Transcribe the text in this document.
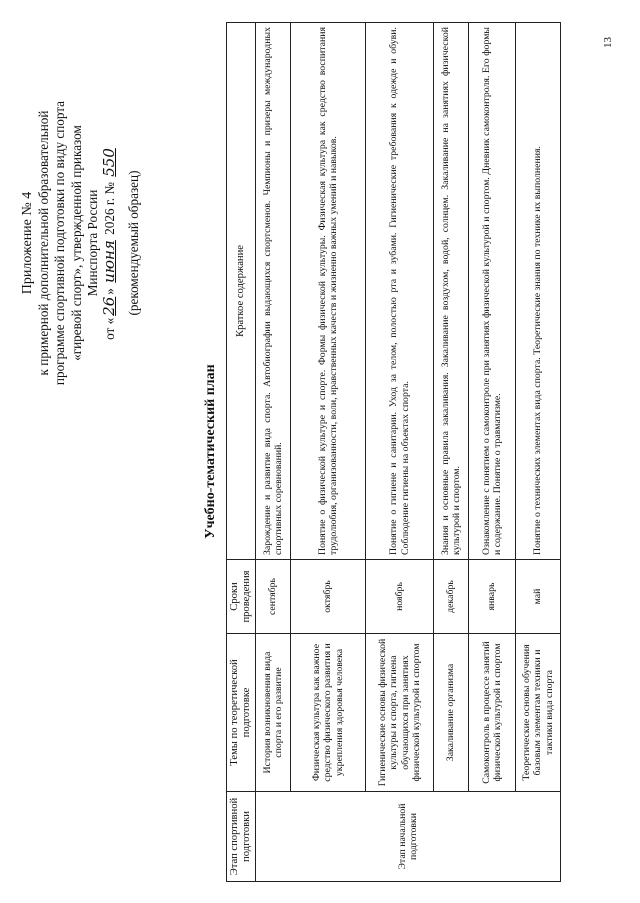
13
Приложение № 4 к примерной дополнительной образовательной программе спортивной подготовки по виду спорта «гиревой спорт», утвержденной приказом Минспорта России
от «26» июня 2026 г. № 550
(рекомендуемый образец)
Учебно-тематический план
Этап спортивной подготовки	Темы по теоретической подготовке	Сроки проведения	Краткое содержание
Этап начальной подготовки	История возникновения вида спорта и его развитие	сентябрь	Зарождение и развитие вида спорта. Автобиографии выдающихся спортсменов. Чемпионы и призеры международных спортивных соревнований.
	Физическая культура как важное средство физического развития и укрепления здоровья человека	октябрь	Понятие о физической культуре и спорте. Формы физической культуры. Физическая культура как средство воспитания трудолюбия, организованности, воли, нравственных качеств и жизненно важных умений и навыков.
	Гигиенические основы физической культуры и спорта, гигиена обучающихся при занятиях физической культурой и спортом	ноябрь	Понятие о гигиене и санитарии. Уход за телом, полостью рта и зубами. Гигиенические требования к одежде и обуви. Соблюдение гигиены на объектах спорта.
	Закаливание организма	декабрь	Знания и основные правила закаливания. Закаливание воздухом, водой, солнцем. Закаливание на занятиях физической культурой и спортом.
	Самоконтроль в процессе занятий физической культурой и спортом	январь	Ознакомление с понятием о самоконтроле при занятиях физической культурой и спортом. Дневник самоконтроля. Его формы и содержание. Понятие о травматизме.
	Теоретические основы обучения базовым элементам техники и тактики вида спорта	май	Понятие о технических элементах вида спорта. Теоретические знания по технике их выполнения.
